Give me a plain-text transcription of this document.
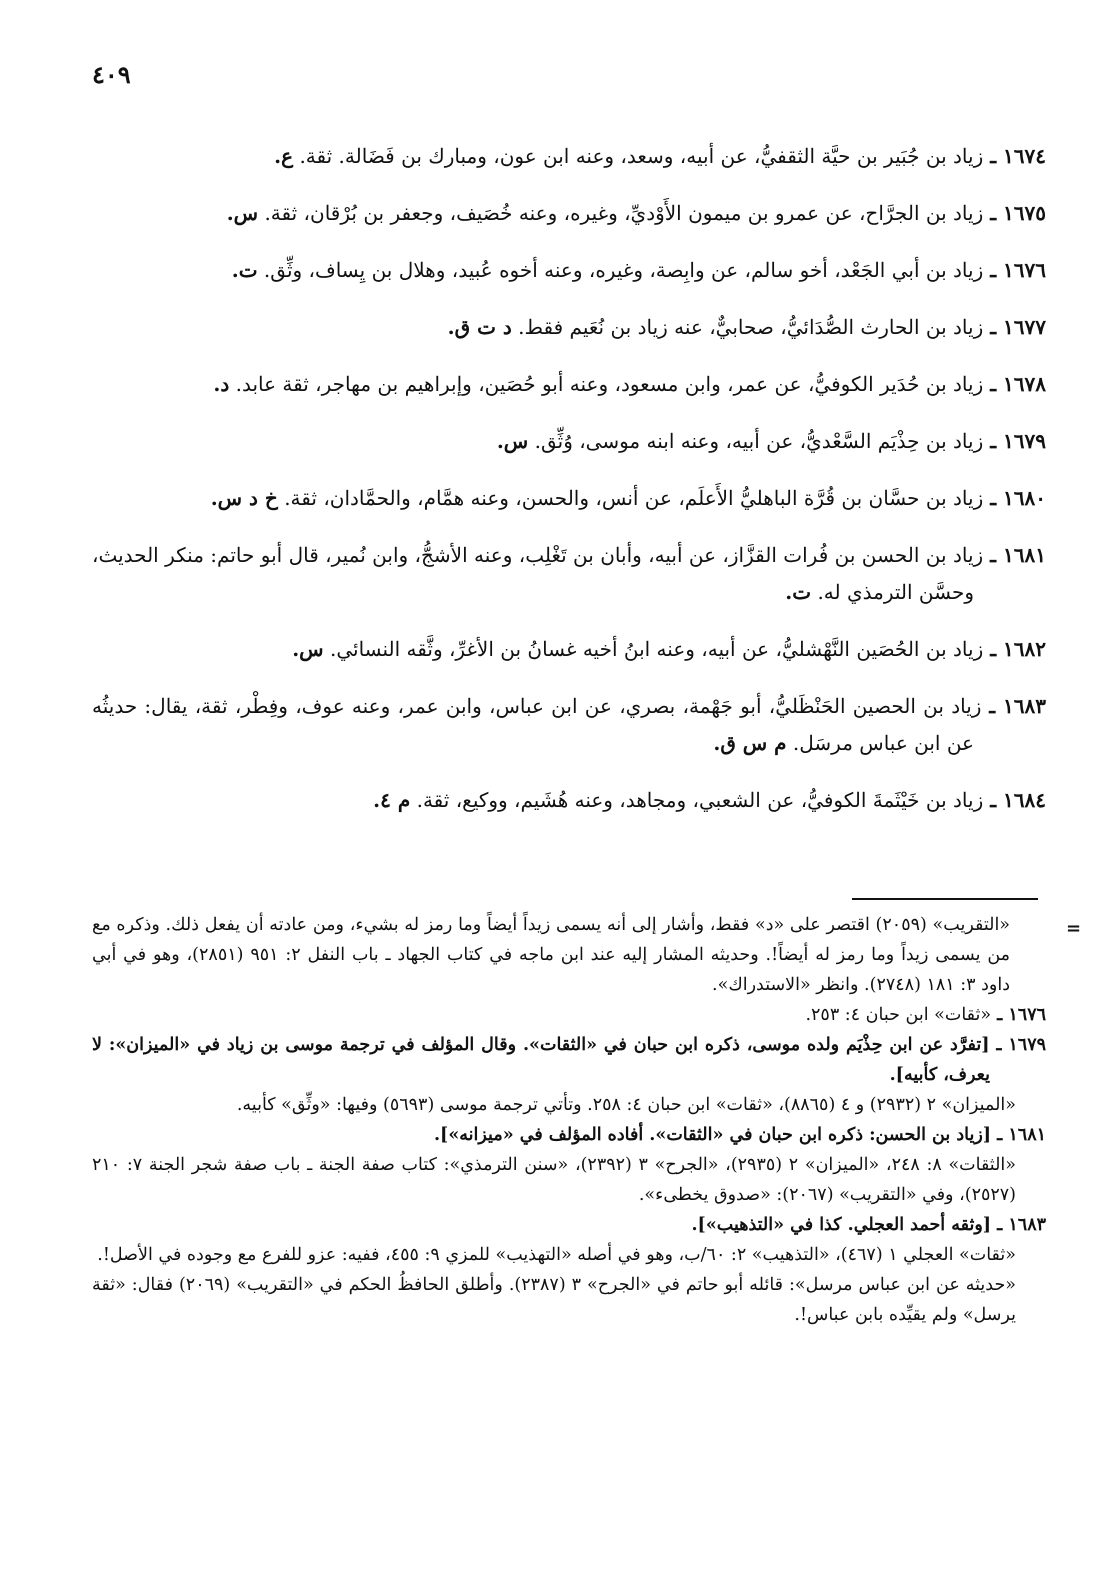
٤٠٩

١٦٧٤ ـ زياد بن جُبَير بن حيَّة الثقفيُّ، عن أبيه، وسعد، وعنه ابن عون، ومبارك بن فَضَالة. ثقة. ع.

١٦٧٥ ـ زياد بن الجرَّاح، عن عمرو بن ميمون الأَوْديِّ، وغيره، وعنه خُصَيف، وجعفر بن بُرْقان، ثقة. س.

١٦٧٦ ـ زياد بن أبي الجَعْد، أخو سالم، عن وابِصة، وغيره، وعنه أخوه عُبيد، وهلال بن يِساف، وثِّق. ت.

١٦٧٧ ـ زياد بن الحارث الصُّدَائيُّ، صحابيٌّ، عنه زياد بن نُعَيم فقط. د ت ق.

١٦٧٨ ـ زياد بن حُدَير الكوفيُّ، عن عمر، وابن مسعود، وعنه أبو حُصَين، وإبراهيم بن مهاجر، ثقة عابد. د.

١٦٧٩ ـ زياد بن حِذْيَم السَّعْديُّ، عن أبيه، وعنه ابنه موسى، وُثِّق. س.

١٦٨٠ ـ زياد بن حسَّان بن قُرَّة الباهليُّ الأَعلَم، عن أنس، والحسن، وعنه همَّام، والحمَّادان، ثقة. خ د س.

١٦٨١ ـ زياد بن الحسن بن فُرات القزَّاز، عن أبيه، وأبان بن تَغْلِب، وعنه الأشجُّ، وابن نُمير، قال أبو حاتم: منكر الحديث، وحسَّن الترمذي له. ت.

١٦٨٢ ـ زياد بن الحُصَين النَّهْشليُّ، عن أبيه، وعنه ابنُ أخيه غسانُ بن الأغرِّ، وثَّقه النسائي. س.

١٦٨٣ ـ زياد بن الحصين الحَنْظَليُّ، أبو جَهْمة، بصري، عن ابن عباس، وابن عمر، وعنه عوف، وفِطْر، ثقة، يقال: حديثُه عن ابن عباس مرسَل. م س ق.

١٦٨٤ ـ زياد بن خَيْثَمةَ الكوفيُّ، عن الشعبي، ومجاهد، وعنه هُشَيم، ووكيع، ثقة. م ٤.

=

«التقريب» (٢٠٥٩) اقتصر على «د» فقط، وأشار إلى أنه يسمى زيداً أيضاً وما رمز له بشيء، ومن عادته أن يفعل ذلك. وذكره مع من يسمى زيداً وما رمز له أيضاً!. وحديثه المشار إليه عند ابن ماجه في كتاب الجهاد ـ باب النفل ٢: ٩٥١ (٢٨٥١)، وهو في أبي داود ٣: ١٨١ (٢٧٤٨). وانظر «الاستدراك».

١٦٧٦ ـ «ثقات» ابن حبان ٤: ٢٥٣.

١٦٧٩ ـ [تفرَّد عن ابن حِذْيَم ولده موسى، ذكره ابن حبان في «الثقات». وقال المؤلف في ترجمة موسى بن زياد في «الميزان»: لا يعرف، كأبيه].

«الميزان» ٢ (٢٩٣٢) و ٤ (٨٨٦٥)، «ثقات» ابن حبان ٤: ٢٥٨. وتأتي ترجمة موسى (٥٦٩٣) وفيها: «وثِّق» كأبيه.

١٦٨١ ـ [زياد بن الحسن: ذكره ابن حبان في «الثقات». أفاده المؤلف في «ميزانه»].

«الثقات» ٨: ٢٤٨، «الميزان» ٢ (٢٩٣٥)، «الجرح» ٣ (٢٣٩٢)، «سنن الترمذي»: كتاب صفة الجنة ـ باب صفة شجر الجنة ٧: ٢١٠ (٢٥٢٧)، وفي «التقريب» (٢٠٦٧): «صدوق يخطىء».

١٦٨٣ ـ [وثقه أحمد العجلي. كذا في «التذهيب»].

«ثقات» العجلي ١ (٤٦٧)، «التذهيب» ٢: ٦٠/ب، وهو في أصله «التهذيب» للمزي ٩: ٤٥٥، ففيه: عزو للفرع مع وجوده في الأصل!.

«حديثه عن ابن عباس مرسل»: قائله أبو حاتم في «الجرح» ٣ (٢٣٨٧). وأطلق الحافظُ الحكم في «التقريب» (٢٠٦٩) فقال: «ثقة يرسل» ولم يقيِّده بابن عباس!.
